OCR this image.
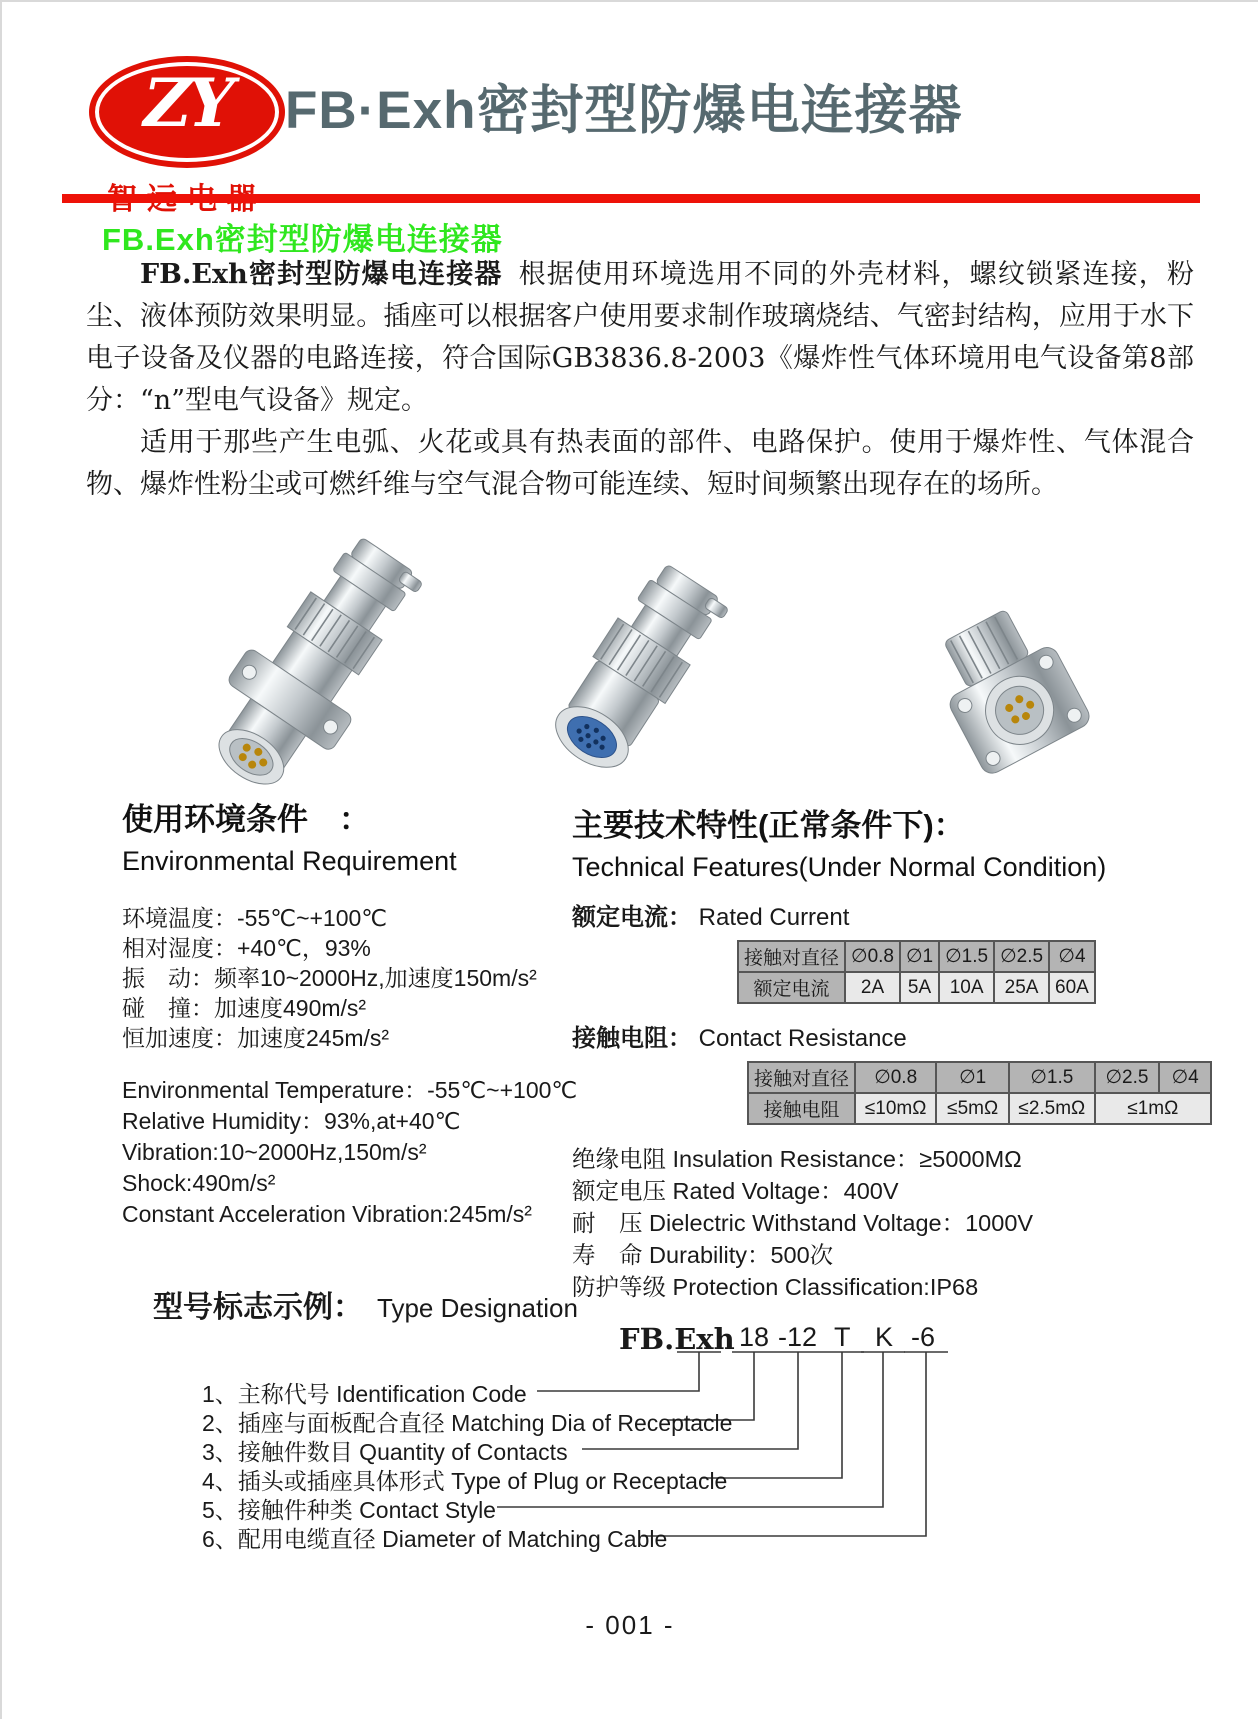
ZY	FB·Exh密封型防爆电连接器
FB.Exh密封型防爆电连接器

FB.Exh密封型防爆电连接器 根据使用环境选用不同的外壳材料，螺纹锁紧连接，粉尘、液体预防效果明显。插座可以根据客户使用要求制作玻璃烧结、气密封结构，应用于水下电子设备及仪器的电路连接，符合国际GB3836.8-2003《爆炸性气体环境用电气设备第8部分：“n”型电气设备》规定。

适用于那些产生电弧、火花或具有热表面的部件、电路保护。使用于爆炸性、气体混合物、爆炸性粉尘或可燃纤维与空气混合物可能连续、短时间频繁出现存在的场所。

使用环境条件　：
Environmental Requirement
环境温度：-55℃~+100℃
相对湿度：+40℃，93%
振　动：频率10~2000Hz,加速度150m/s²
碰　撞：加速度490m/s²
恒加速度：加速度245m/s²
Environmental Temperature：-55℃~+100℃
Relative Humidity：93%,at+40℃
Vibration:10~2000Hz,150m/s²
Shock:490m/s²
Constant Acceleration Vibration:245m/s²
主要技术特性(正常条件下)：
Technical Features(Under Normal Condition)
额定电流： Rated Current
接触对直径	∅0.8	∅1	∅1.5	∅2.5	∅4
额定电流	2A	5A	10A	25A	60A
接触电阻： Contact Resistance
接触对直径	∅0.8	∅1	∅1.5	∅2.5	∅4
接触电阻	≤10mΩ	≤5mΩ	≤2.5mΩ	≤1mΩ	
绝缘电阻 Insulation Resistance：≥5000MΩ
额定电压 Rated Voltage：400V
耐　压 Dielectric Withstand Voltage：1000V
寿　命 Durability：500次
防护等级 Protection Classification:IP68
型号标志示例： Type Designation
FB.Exh 18 -12 T K -6
1、主称代号 Identification Code
2、插座与面板配合直径 Matching Dia of Receptacle
3、接触件数目 Quantity of Contacts
4、插头或插座具体形式 Type of Plug or Receptacle
5、接触件种类 Contact Style
6、配用电缆直径 Diameter of Matching Cable
- 001 -
